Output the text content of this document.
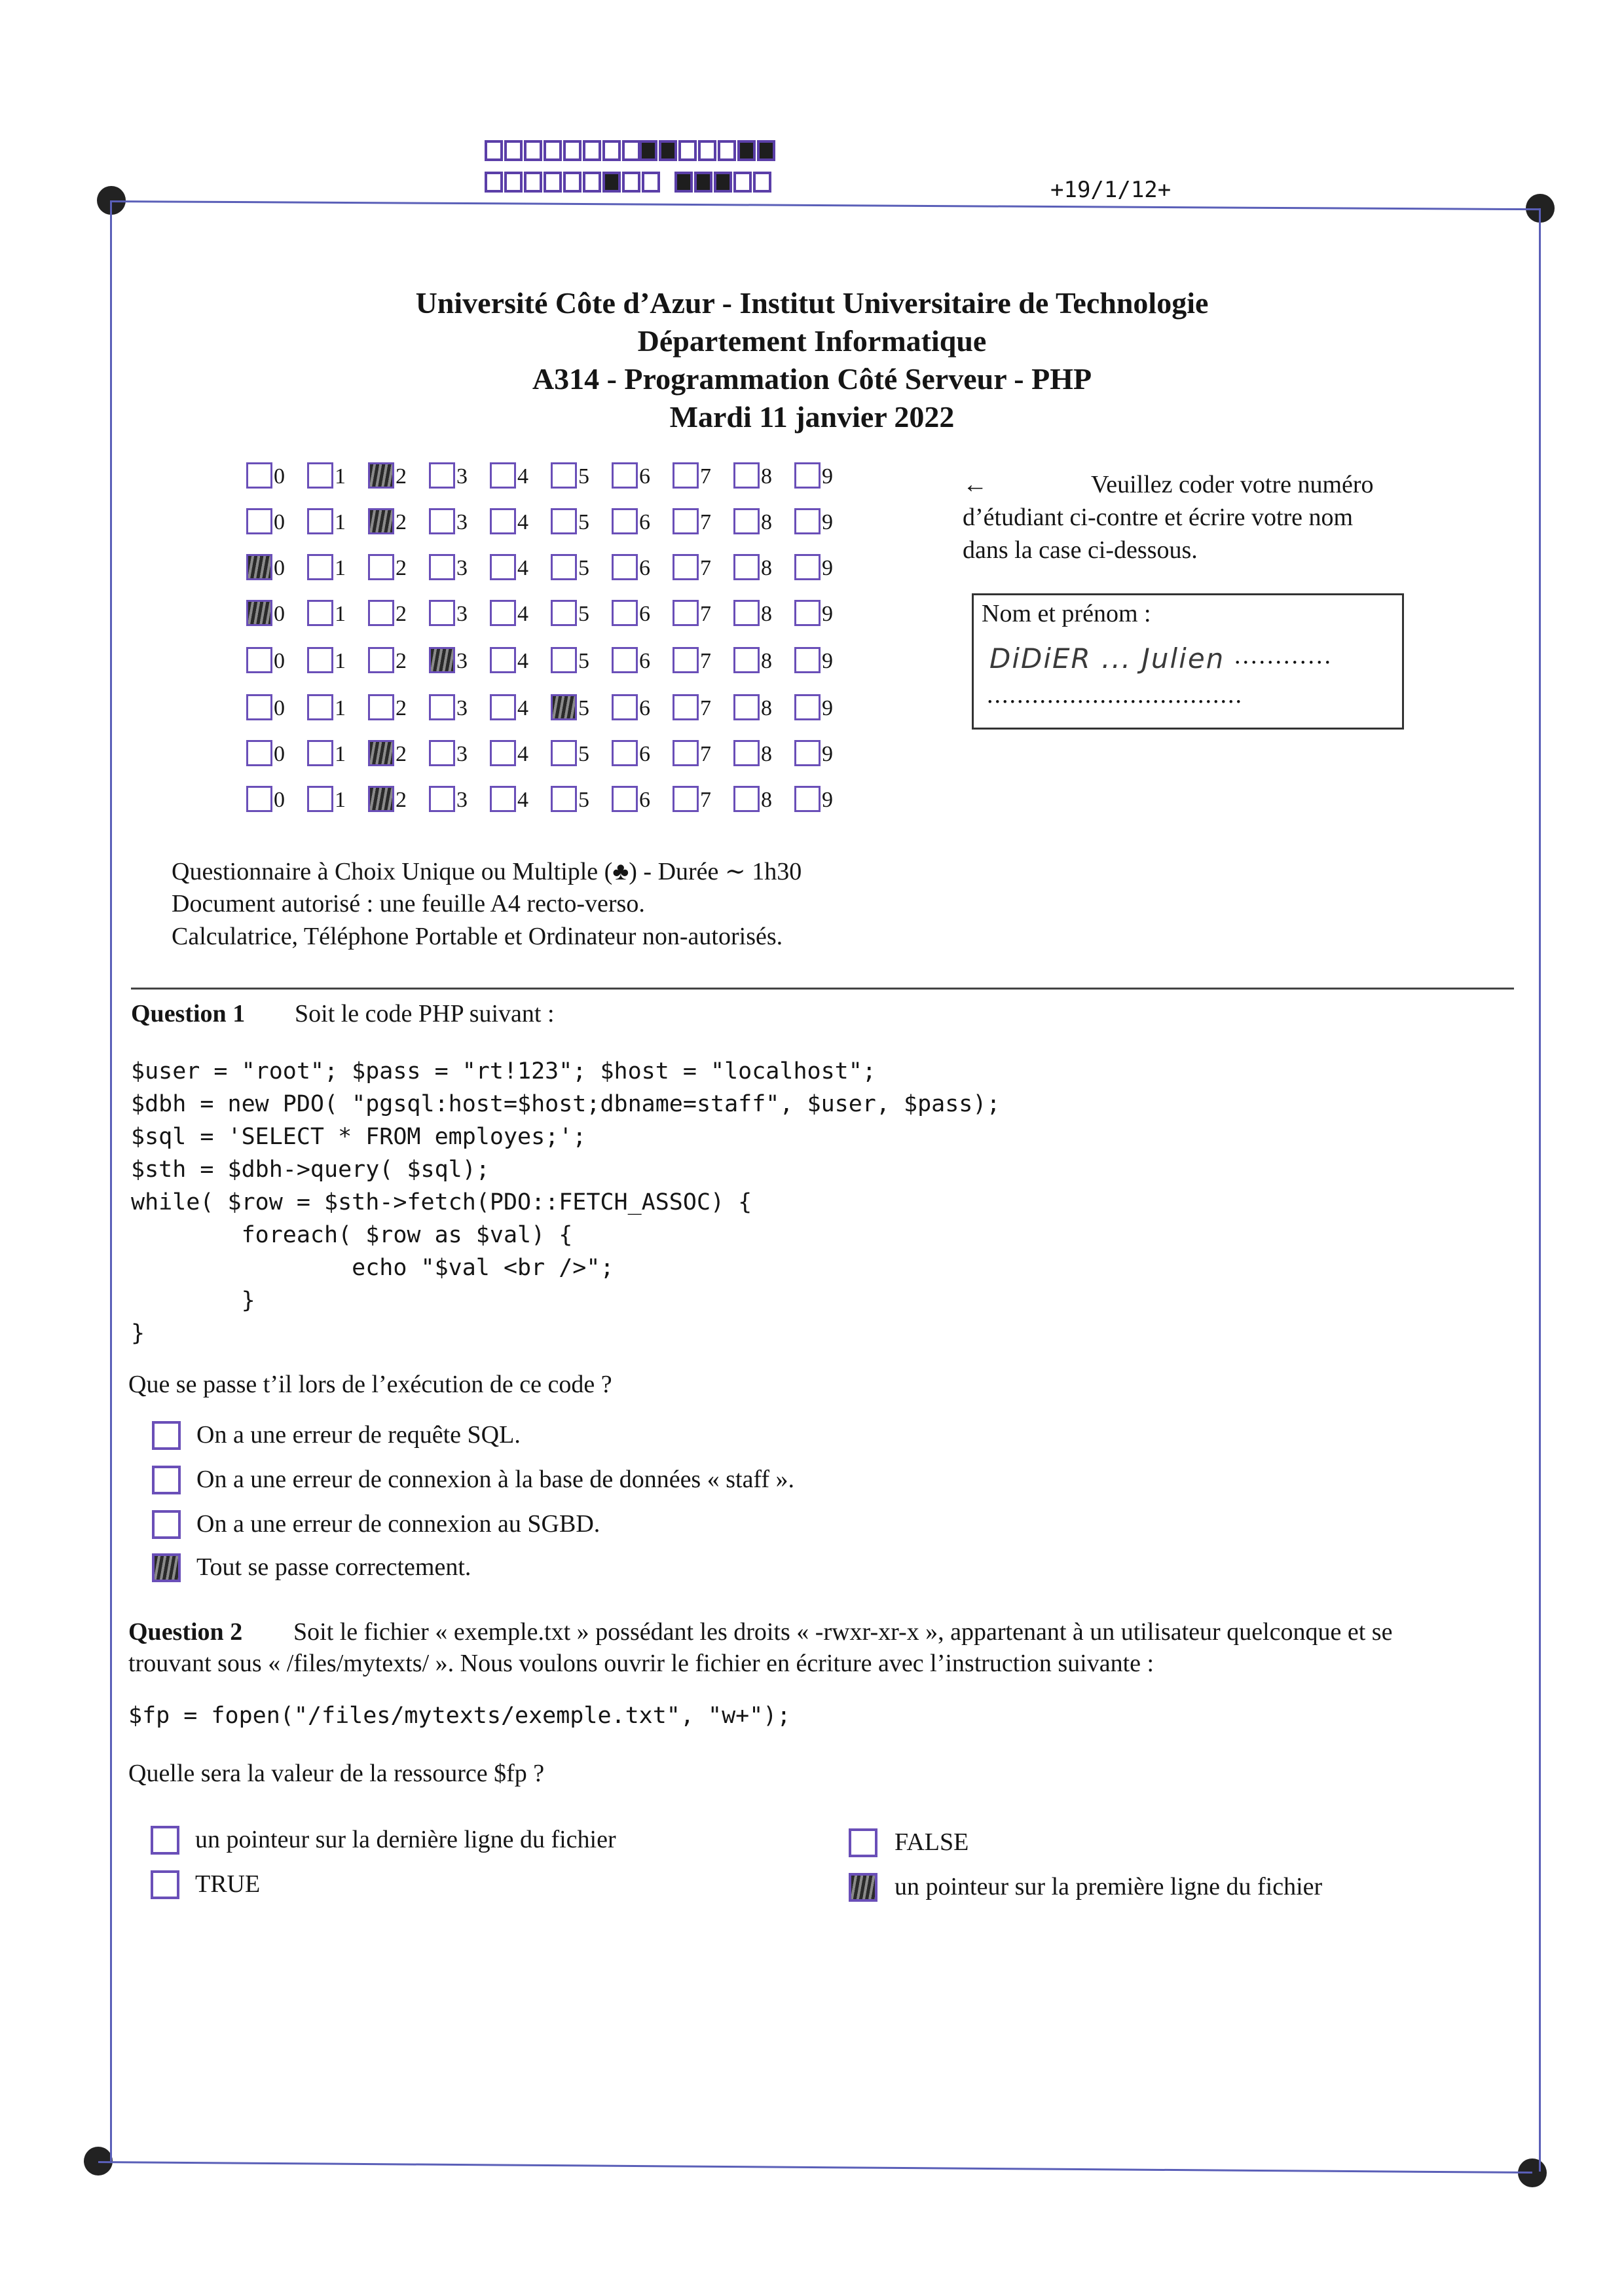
+19/1/12+
Université Côte d’Azur - Institut Universitaire de Technologie
Département Informatique
A314 - Programmation Côté Serveur - PHP
Mardi 11 janvier 2022
0 1 2 3 4 5 6 7 8 9
0 1 2 3 4 5 6 7 8 9
0 1 2 3 4 5 6 7 8 9
0 1 2 3 4 5 6 7 8 9
0 1 2 3 4 5 6 7 8 9
0 1 2 3 4 5 6 7 8 9
0 1 2 3 4 5 6 7 8 9
0 1 2 3 4 5 6 7 8 9
←	Veuillez coder votre numéro
d’étudiant ci-contre et écrire votre nom
dans la case ci-dessous.
Nom et prénom :
DiDiER ... Julien ............
..................................
Questionnaire à Choix Unique ou Multiple (♣) - Durée ∼ 1h30
Document autorisé : une feuille A4 recto-verso.
Calculatrice, Téléphone Portable et Ordinateur non-autorisés.
Question 1 Soit le code PHP suivant :
$user = "root"; $pass = "rt!123"; $host = "localhost";
$dbh = new PDO( "pgsql:host=$host;dbname=staff", $user, $pass);
$sql = 'SELECT * FROM employes;';
$sth = $dbh->query( $sql);
while( $row = $sth->fetch(PDO::FETCH_ASSOC) {
foreach( $row as $val) {
echo "$val <br />";
}
}
Que se passe t’il lors de l’exécution de ce code ?
On a une erreur de requête SQL.
On a une erreur de connexion à la base de données « staff ».
On a une erreur de connexion au SGBD.
Tout se passe correctement.
Question 2 Soit le fichier « exemple.txt » possédant les droits « -rwxr-xr-x », appartenant à un utilisateur quelconque et se
trouvant sous « /files/mytexts/ ». Nous voulons ouvrir le fichier en écriture avec l’instruction suivante :
$fp = fopen("/files/mytexts/exemple.txt", "w+");
Quelle sera la valeur de la ressource $fp ?
un pointeur sur la dernière ligne du fichier
TRUE
FALSE
un pointeur sur la première ligne du fichier
